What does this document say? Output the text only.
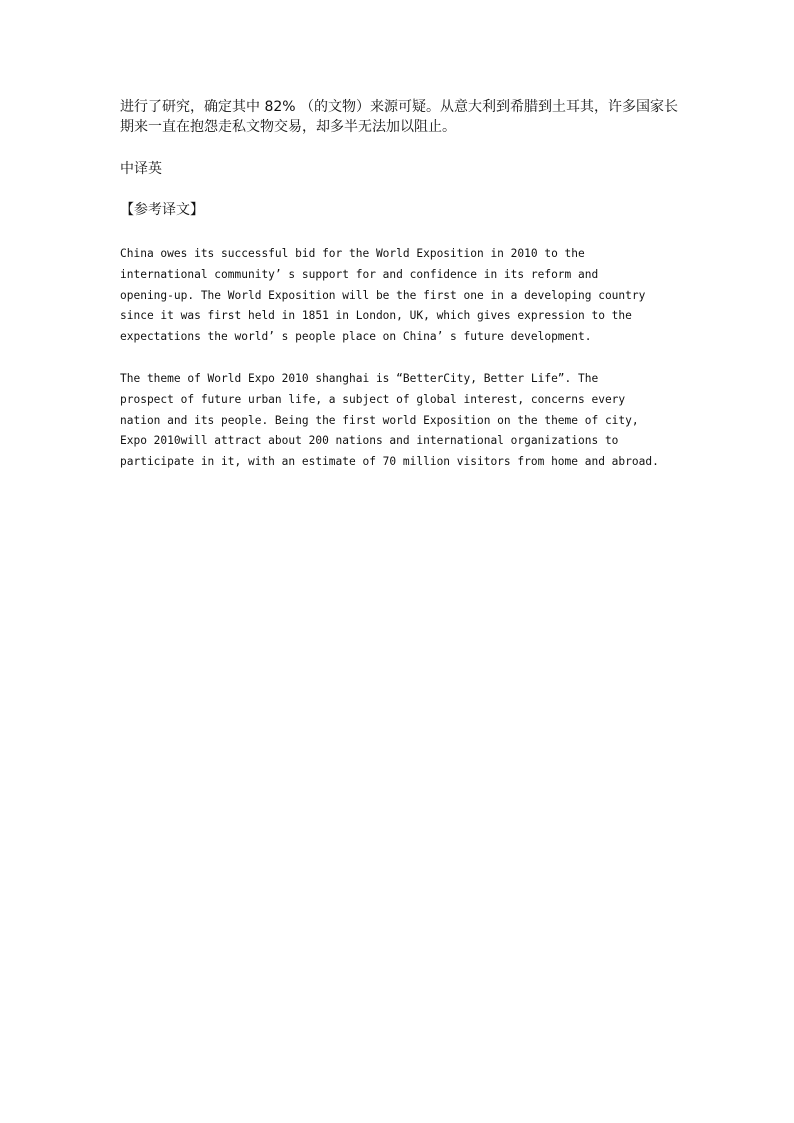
进行了研究，确定其中 82% （的文物）来源可疑。从意大利到希腊到土耳其，许多国家长
期来一直在抱怨走私文物交易，却多半无法加以阻止。
中译英
【参考译文】
China owes its successful bid for the World Exposition in 2010 to the
international community’ s support for and confidence in its reform and
opening-up. The World Exposition will be the first one in a developing country
since it was first held in 1851 in London, UK, which gives expression to the
expectations the world’ s people place on China’ s future development.
The theme of World Expo 2010 shanghai is “BetterCity, Better Life”. The
prospect of future urban life, a subject of global interest, concerns every
nation and its people. Being the first world Exposition on the theme of city,
Expo 2010will attract about 200 nations and international organizations to
participate in it, with an estimate of 70 million visitors from home and abroad.
